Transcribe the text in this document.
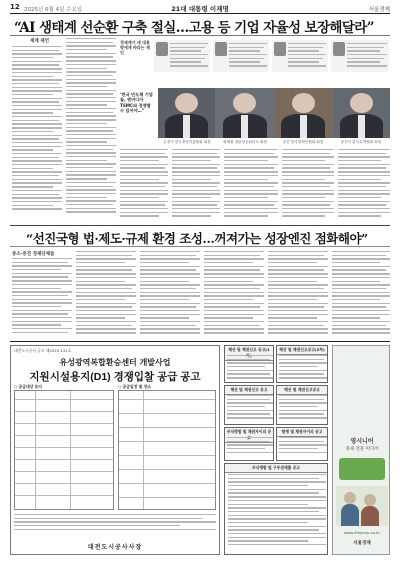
12 2025년 6월 4일 수요일	21대 대통령 이재명	서울경제
“AI 생태계 선순환 구축 절실…고용 등 기업 자율성 보장해달라”
재계 제언	경제계가 새 대통령에게 바라는 제언
손경식 한국경영자총협회 회장	최태원 대한상공회의소 회장	류진 한국경제인협회 회장	윤진식 한국무역협회 회장
‘한국 반도체 기업들, 엔비디아 TSMC와 경쟁할 수 있어야…”
“선진국형 법·제도·규제 환경 조성…꺼져가는 성장엔진 점화해야”
중소·중견 경제단체들
대전도시공사 공고 제2025-131호
유성광역복합환승센터 개발사업
지원시설용지(D1) 경쟁입찰 공급 공고
○ 공급대상 토지	○ 공급일정 및 장소
대전도시공사사장
해산 및 채권신고 공고(1	해산 및 채권신고공고(2차)
해산 및 채권신고 공고	해산 및 채권신고공고
주식병합 및 채권자이의 공	합병 및 채권자이의 공고
주식병합 및 구주권제출 공고
영시니어
경제 전문 미디어
www.lifejump.co.kr
서울경제
